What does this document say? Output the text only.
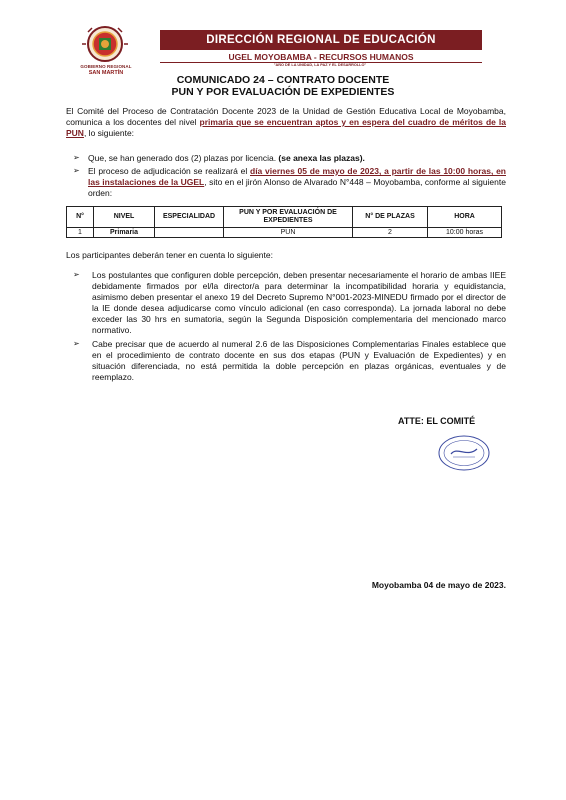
GOBIERNO REGIONAL
SAN MARTÍN
DIRECCIÓN REGIONAL DE EDUCACIÓN
UGEL MOYOBAMBA - RECURSOS HUMANOS
"AÑO DE LA UNIDAD, LA PAZ Y EL DESARROLLO"
COMUNICADO 24 – CONTRATO DOCENTE
PUN Y POR EVALUACIÓN DE EXPEDIENTES
El Comité del Proceso de Contratación Docente 2023 de la Unidad de Gestión Educativa Local de Moyobamba, comunica a los docentes del nivel primaria que se encuentran aptos y en espera del cuadro de méritos de la PUN, lo siguiente:
➢ Que, se han generado dos (2) plazas por licencia. (se anexa las plazas).
➢ El proceso de adjudicación se realizará el día viernes 05 de mayo de 2023, a partir de las 10:00 horas, en las instalaciones de la UGEL, sito en el jirón Alonso de Alvarado N°448 – Moyobamba, conforme al siguiente orden:
N°	NIVEL	ESPECIALIDAD	PUN Y POR EVALUACIÓN DE EXPEDIENTES	N° DE PLAZAS	HORA
1	Primaria		PUN	2	10:00 horas
Los participantes deberán tener en cuenta lo siguiente:
➢	Los postulantes que configuren doble percepción, deben presentar necesariamente el horario de ambas IIEE debidamente firmados por el/la director/a para determinar la incompatibilidad horaria y equidistancia, asimismo deben presentar el anexo 19 del Decreto Supremo N°001-2023-MINEDU firmado por el director de la IE donde desea adjudicarse como vínculo adicional (en caso corresponda). La jornada laboral no debe exceder las 30 hrs en sumatoria, según la Segunda Disposición complementaria del mencionado marco normativo.
➢	Cabe precisar que de acuerdo al numeral 2.6 de las Disposiciones Complementarias Finales establece que en el procedimiento de contrato docente en sus dos etapas (PUN y Evaluación de Expedientes) y en situación diferenciada, no está permitida la doble percepción en plazas orgánicas, eventuales y de reemplazo.
ATTE: EL COMITÉ
Moyobamba 04 de mayo de 2023.
